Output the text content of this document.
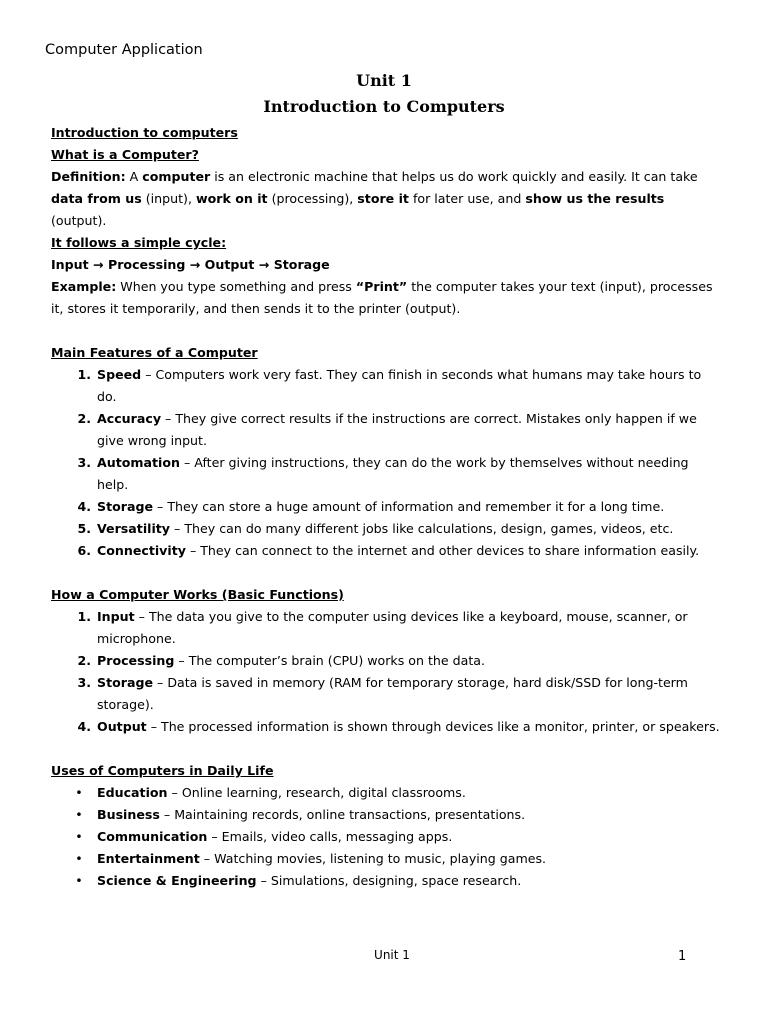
Computer Application
Unit 1
Introduction to Computers

Introduction to computers

What is a Computer?

Definition: A computer is an electronic machine that helps us do work quickly and easily. It can take data from us (input), work on it (processing), store it for later use, and show us the results (output).

It follows a simple cycle:

Input → Processing → Output → Storage

Example: When you type something and press “Print” the computer takes your text (input), processes it, stores it temporarily, and then sends it to the printer (output).

Main Features of a Computer

1. Speed – Computers work very fast. They can finish in seconds what humans may take hours to do.
2. Accuracy – They give correct results if the instructions are correct. Mistakes only happen if we give wrong input.
3. Automation – After giving instructions, they can do the work by themselves without needing help.
4. Storage – They can store a huge amount of information and remember it for a long time.
5. Versatility – They can do many different jobs like calculations, design, games, videos, etc.
6. Connectivity – They can connect to the internet and other devices to share information easily.

How a Computer Works (Basic Functions)

1. Input – The data you give to the computer using devices like a keyboard, mouse, scanner, or microphone.
2. Processing – The computer’s brain (CPU) works on the data.
3. Storage – Data is saved in memory (RAM for temporary storage, hard disk/SSD for long-term storage).
4. Output – The processed information is shown through devices like a monitor, printer, or speakers.

Uses of Computers in Daily Life

• Education – Online learning, research, digital classrooms.
• Business – Maintaining records, online transactions, presentations.
• Communication – Emails, video calls, messaging apps.
• Entertainment – Watching movies, listening to music, playing games.
• Science & Engineering – Simulations, designing, space research.
Unit 1	1
